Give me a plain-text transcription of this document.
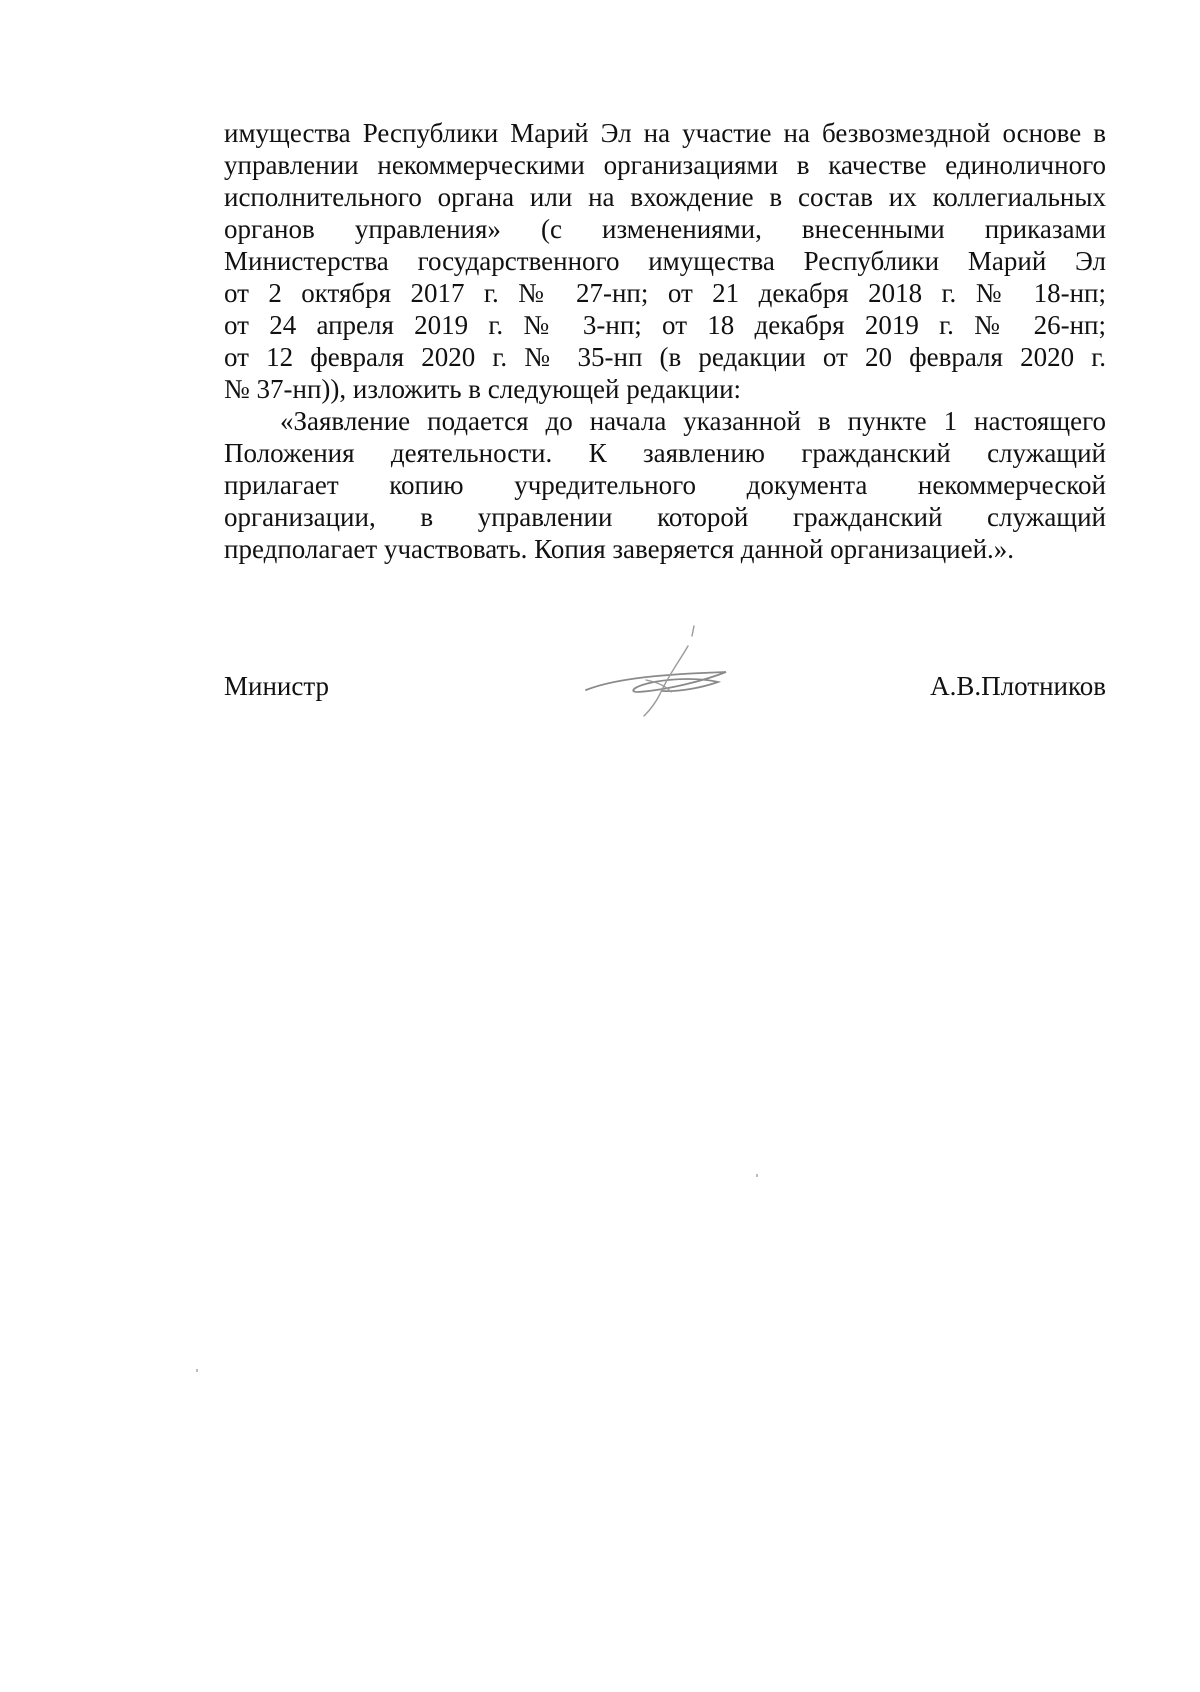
имущества Республики Марий Эл на участие на безвозмездной основе в
управлении некоммерческими организациями в качестве единоличного
исполнительного органа или на вхождение в состав их коллегиальных
органов управления» (с изменениями, внесенными приказами
Министерства государственного имущества Республики Марий Эл
от 2 октября 2017 г. № 27-нп; от 21 декабря 2018 г. № 18-нп;
от 24 апреля 2019 г. № 3-нп; от 18 декабря 2019 г. № 26-нп;
от 12 февраля 2020 г. № 35-нп (в редакции от 20 февраля 2020 г.
№ 37-нп)), изложить в следующей редакции:
«Заявление подается до начала указанной в пункте 1 настоящего
Положения деятельности. К заявлению гражданский служащий
прилагает копию учредительного документа некоммерческой
организации, в управлении которой гражданский служащий
предполагает участвовать. Копия заверяется данной организацией.».
Министр	А.В.Плотников
